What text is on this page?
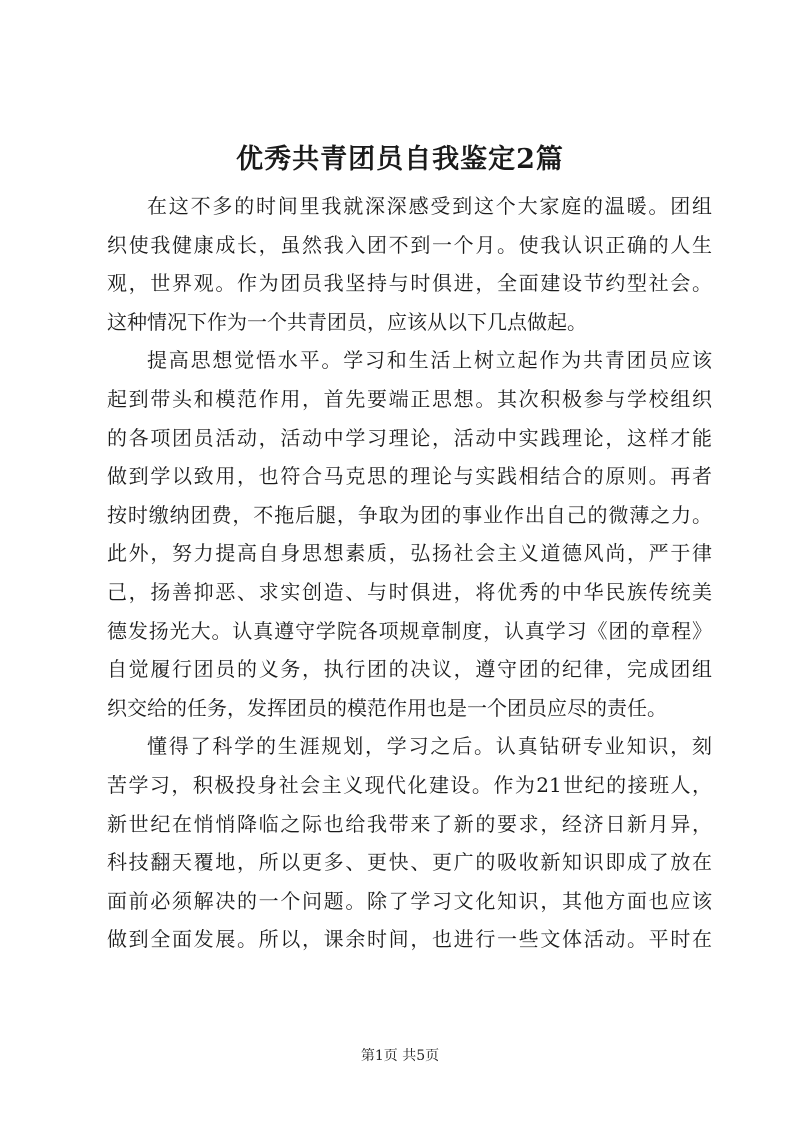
优秀共青团员自我鉴定2篇
在这不多的时间里我就深深感受到这个大家庭的温暖。团组
织使我健康成长，虽然我入团不到一个月。使我认识正确的人生
观，世界观。作为团员我坚持与时俱进，全面建设节约型社会。
这种情况下作为一个共青团员，应该从以下几点做起。
提高思想觉悟水平。学习和生活上树立起作为共青团员应该
起到带头和模范作用，首先要端正思想。其次积极参与学校组织
的各项团员活动，活动中学习理论，活动中实践理论，这样才能
做到学以致用，也符合马克思的理论与实践相结合的原则。再者
按时缴纳团费，不拖后腿，争取为团的事业作出自己的微薄之力。
此外，努力提高自身思想素质，弘扬社会主义道德风尚，严于律
己，扬善抑恶、求实创造、与时俱进，将优秀的中华民族传统美
德发扬光大。认真遵守学院各项规章制度，认真学习《团的章程》
自觉履行团员的义务，执行团的决议，遵守团的纪律，完成团组
织交给的任务，发挥团员的模范作用也是一个团员应尽的责任。
懂得了科学的生涯规划，学习之后。认真钻研专业知识，刻
苦学习，积极投身社会主义现代化建设。作为21世纪的接班人，
新世纪在悄悄降临之际也给我带来了新的要求，经济日新月异，
科技翻天覆地，所以更多、更快、更广的吸收新知识即成了放在
面前必须解决的一个问题。除了学习文化知识，其他方面也应该
做到全面发展。所以，课余时间，也进行一些文体活动。平时在
第1页 共5页
